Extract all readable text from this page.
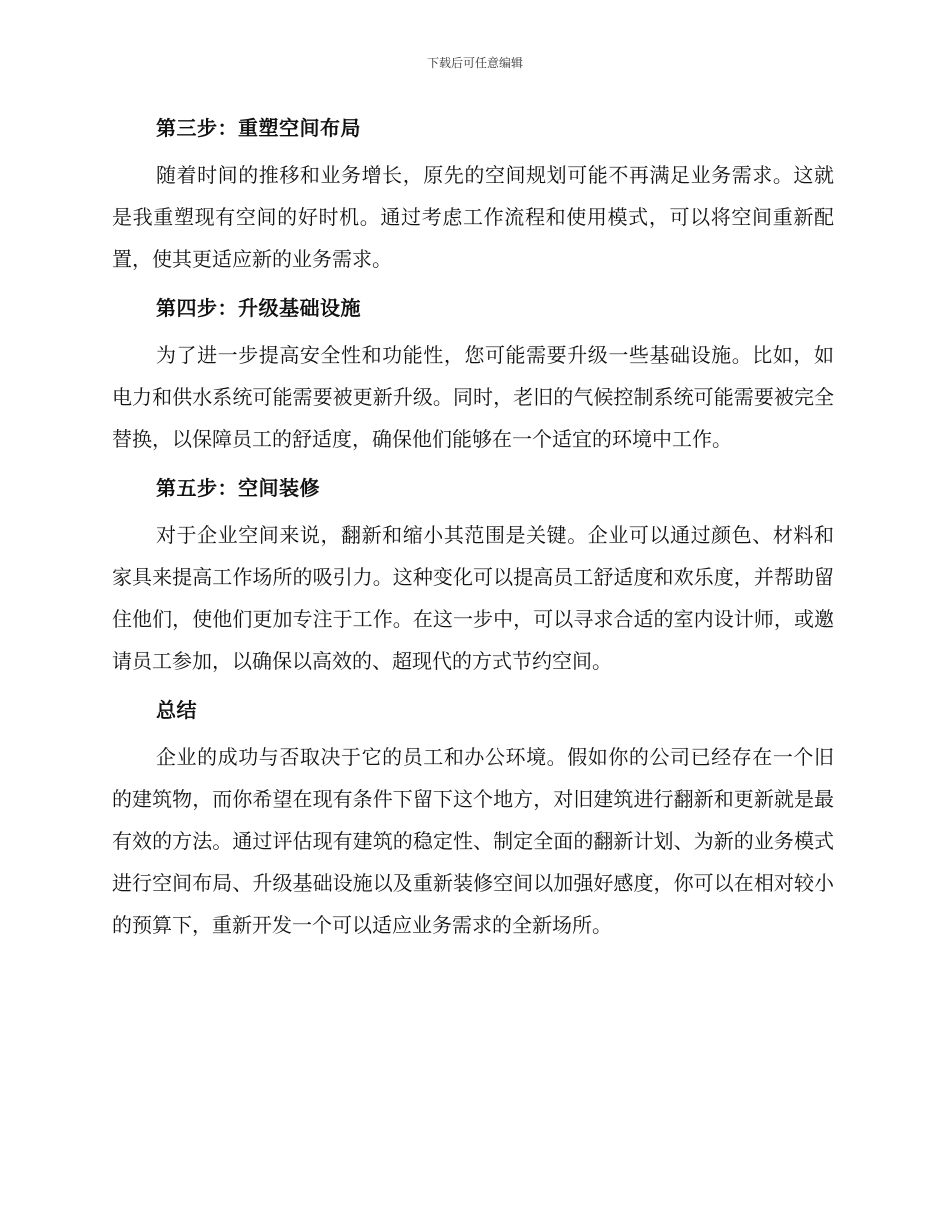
下载后可任意编辑
第三步：重塑空间布局

随着时间的推移和业务增长，原先的空间规划可能不再满足业务需求。这就是我重塑现有空间的好时机。通过考虑工作流程和使用模式，可以将空间重新配置，使其更适应新的业务需求。

第四步：升级基础设施

为了进一步提高安全性和功能性，您可能需要升级一些基础设施。比如，如电力和供水系统可能需要被更新升级。同时，老旧的气候控制系统可能需要被完全替换，以保障员工的舒适度，确保他们能够在一个适宜的环境中工作。

第五步：空间装修

对于企业空间来说，翻新和缩小其范围是关键。企业可以通过颜色、材料和家具来提高工作场所的吸引力。这种变化可以提高员工舒适度和欢乐度，并帮助留住他们，使他们更加专注于工作。在这一步中，可以寻求合适的室内设计师，或邀请员工参加，以确保以高效的、超现代的方式节约空间。

总结

企业的成功与否取决于它的员工和办公环境。假如你的公司已经存在一个旧的建筑物，而你希望在现有条件下留下这个地方，对旧建筑进行翻新和更新就是最有效的方法。通过评估现有建筑的稳定性、制定全面的翻新计划、为新的业务模式进行空间布局、升级基础设施以及重新装修空间以加强好感度，你可以在相对较小的预算下，重新开发一个可以适应业务需求的全新场所。
